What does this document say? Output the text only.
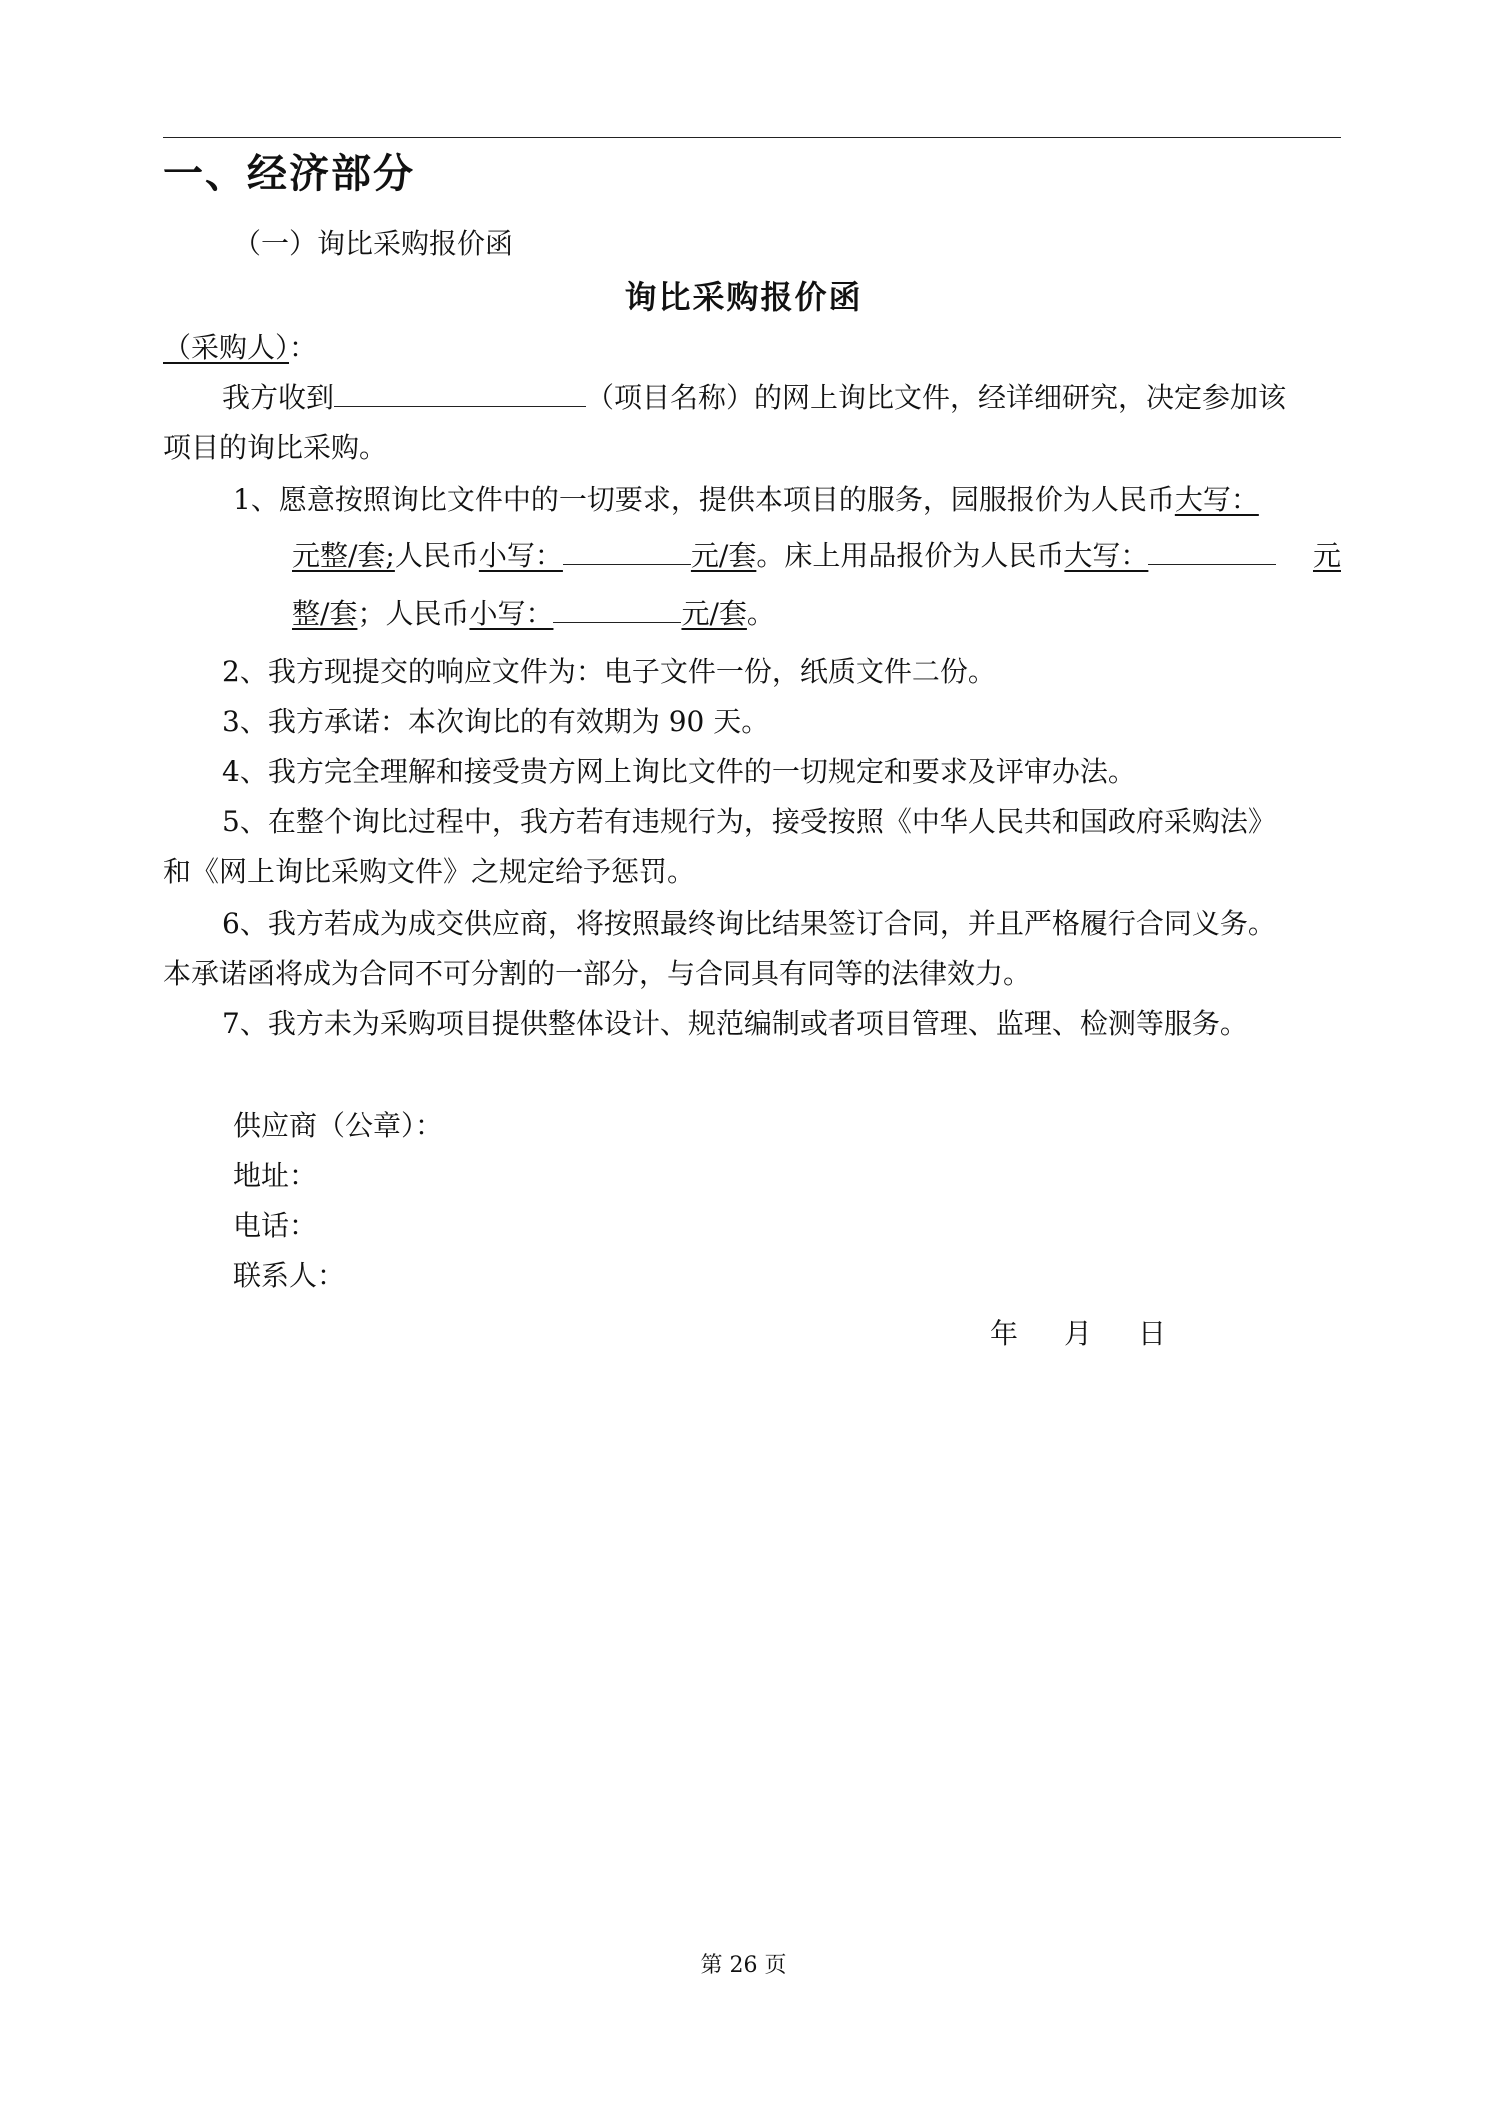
一、经济部分
（一）询比采购报价函
询比采购报价函
（采购人）：
我方收到	（项目名称）的网上询比文件，经详细研究，决定参加该
项目的询比采购。
1、愿意按照询比文件中的一切要求，提供本项目的服务，园服报价为人民币大写：
元整/套;人民币小写：	元/套。床上用品报价为人民币大写：	元
整/套；人民币小写：	元/套。
2、我方现提交的响应文件为：电子文件一份，纸质文件二份。
3、我方承诺：本次询比的有效期为 90 天。
4、我方完全理解和接受贵方网上询比文件的一切规定和要求及评审办法。
5、在整个询比过程中，我方若有违规行为，接受按照《中华人民共和国政府采购法》
和《网上询比采购文件》之规定给予惩罚。
6、我方若成为成交供应商，将按照最终询比结果签订合同，并且严格履行合同义务。
本承诺函将成为合同不可分割的一部分，与合同具有同等的法律效力。
7、我方未为采购项目提供整体设计、规范编制或者项目管理、监理、检测等服务。
供应商（公章）：
地址：
电话：
联系人：
年 月 日
第 26 页
